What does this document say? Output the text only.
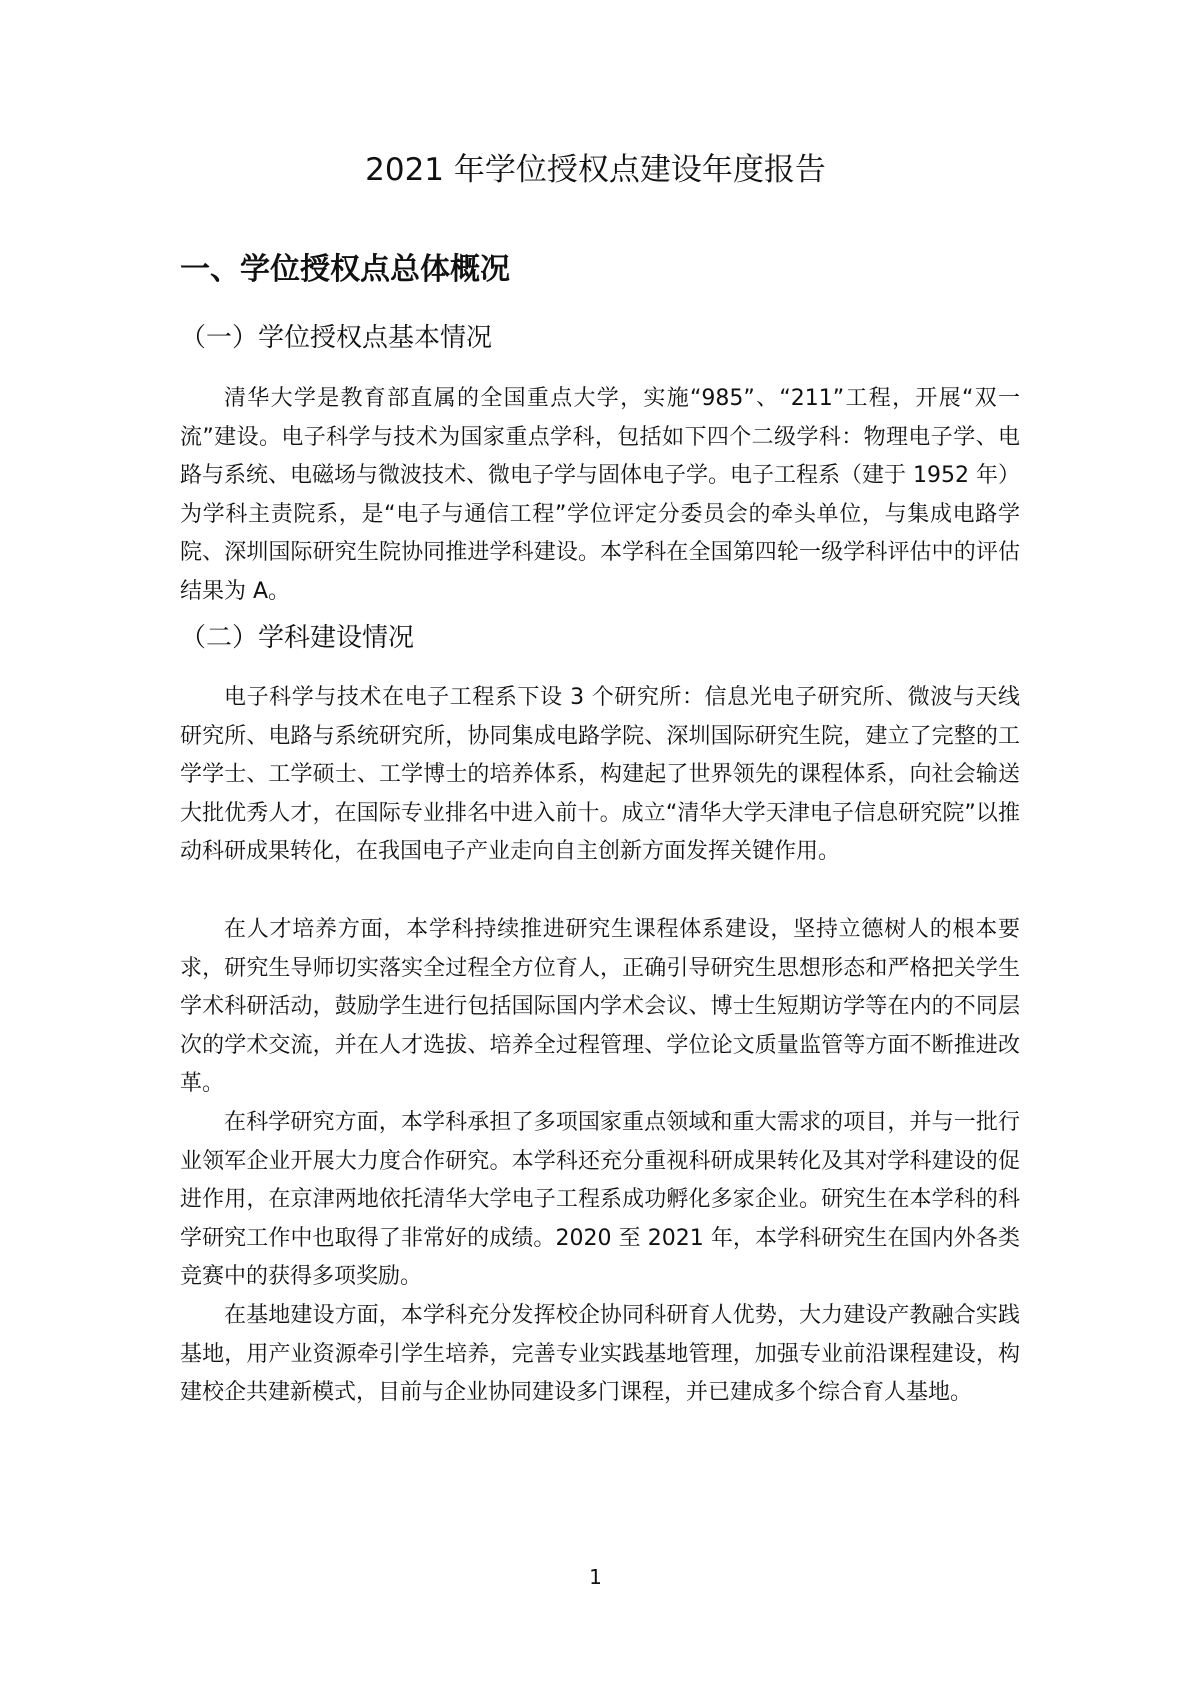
2021 年学位授权点建设年度报告
一、学位授权点总体概况
（一）学位授权点基本情况

清华大学是教育部直属的全国重点大学，实施“985”、“211”工程，开展“双一流”建设。电子科学与技术为国家重点学科，包括如下四个二级学科：物理电子学、电路与系统、电磁场与微波技术、微电子学与固体电子学。电子工程系（建于 1952 年）为学科主责院系，是“电子与通信工程”学位评定分委员会的牵头单位，与集成电路学院、深圳国际研究生院协同推进学科建设。本学科在全国第四轮一级学科评估中的评估结果为 A。

（二）学科建设情况

电子科学与技术在电子工程系下设 3 个研究所：信息光电子研究所、微波与天线研究所、电路与系统研究所，协同集成电路学院、深圳国际研究生院，建立了完整的工学学士、工学硕士、工学博士的培养体系，构建起了世界领先的课程体系，向社会输送大批优秀人才，在国际专业排名中进入前十。成立“清华大学天津电子信息研究院”以推动科研成果转化，在我国电子产业走向自主创新方面发挥关键作用。

在人才培养方面，本学科持续推进研究生课程体系建设，坚持立德树人的根本要求，研究生导师切实落实全过程全方位育人，正确引导研究生思想形态和严格把关学生学术科研活动，鼓励学生进行包括国际国内学术会议、博士生短期访学等在内的不同层次的学术交流，并在人才选拔、培养全过程管理、学位论文质量监管等方面不断推进改革。

在科学研究方面，本学科承担了多项国家重点领域和重大需求的项目，并与一批行业领军企业开展大力度合作研究。本学科还充分重视科研成果转化及其对学科建设的促进作用，在京津两地依托清华大学电子工程系成功孵化多家企业。研究生在本学科的科学研究工作中也取得了非常好的成绩。2020 至 2021 年，本学科研究生在国内外各类竞赛中的获得多项奖励。

在基地建设方面，本学科充分发挥校企协同科研育人优势，大力建设产教融合实践基地，用产业资源牵引学生培养，完善专业实践基地管理，加强专业前沿课程建设，构建校企共建新模式，目前与企业协同建设多门课程，并已建成多个综合育人基地。

1
